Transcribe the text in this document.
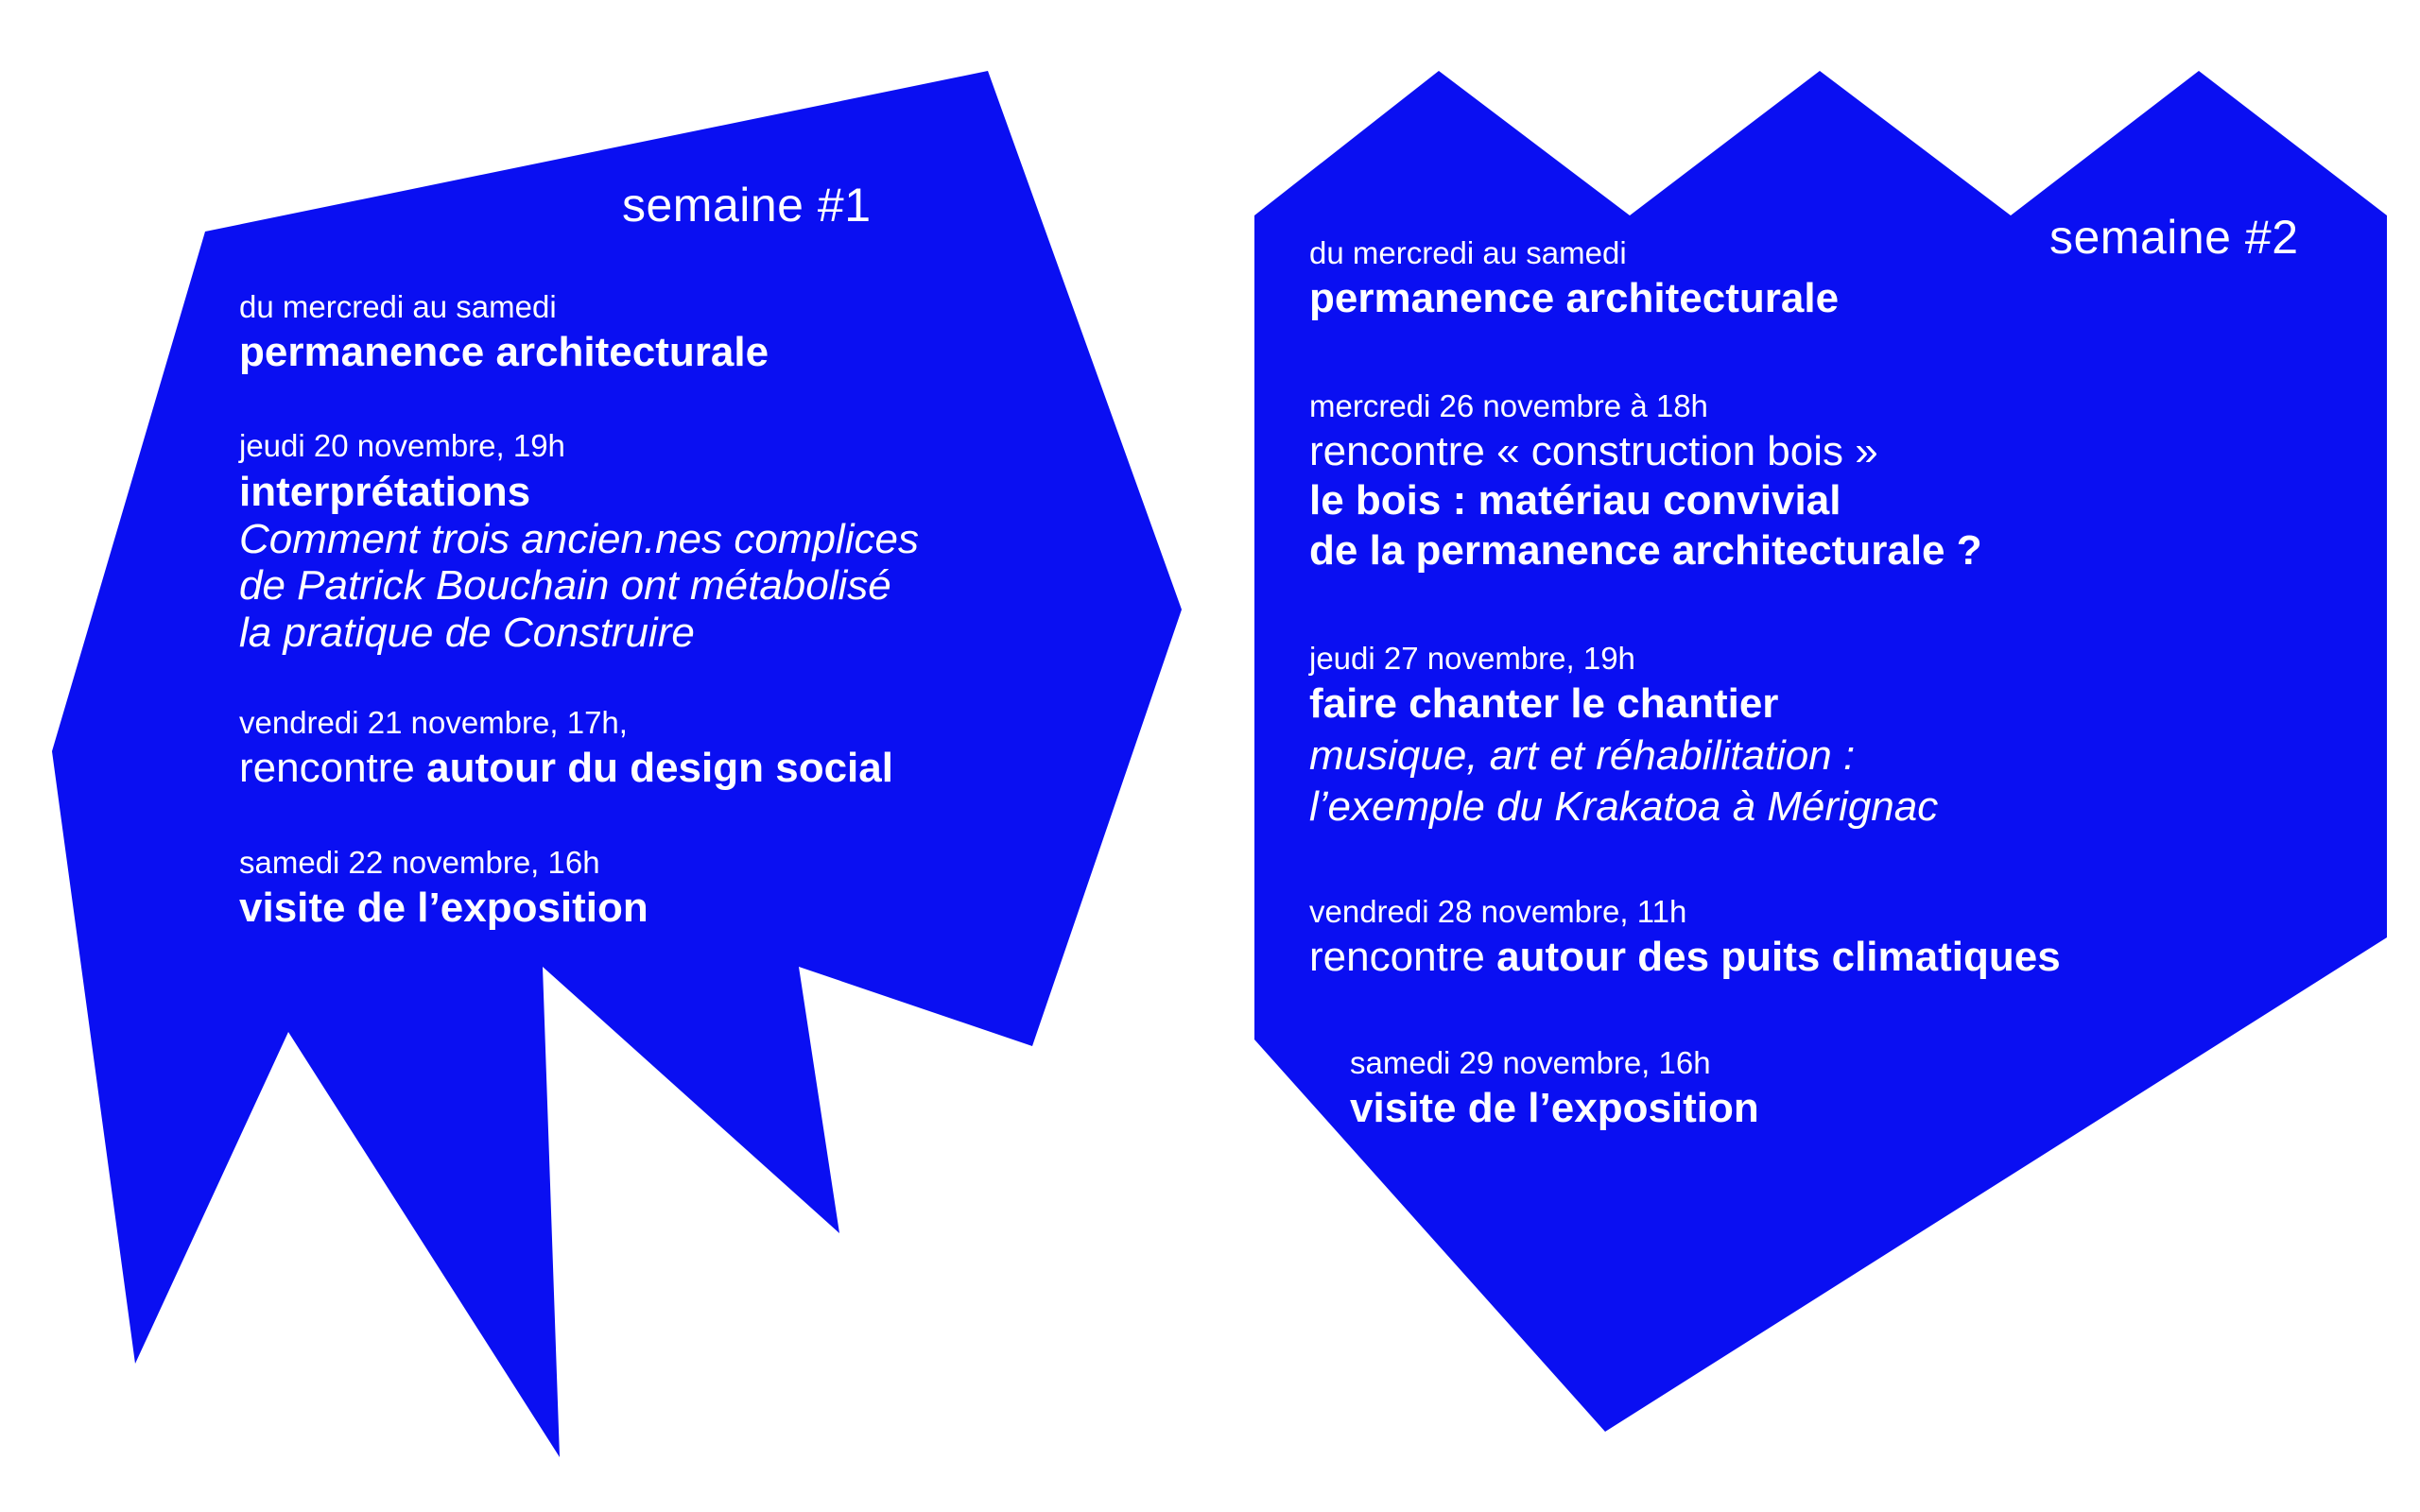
semaine #1
du mercredi au samedi
permanence architecturale
jeudi 20 novembre, 19h
interprétations
Comment trois ancien.nes complices
de Patrick Bouchain ont métabolisé
la pratique de Construire
vendredi 21 novembre, 17h,
rencontre autour du design social
samedi 22 novembre, 16h
visite de l’exposition
semaine #2
du mercredi au samedi
permanence architecturale
mercredi 26 novembre à 18h
rencontre « construction bois »
le bois : matériau convivial
de la permanence architecturale ?
jeudi 27 novembre, 19h
faire chanter le chantier
musique, art et réhabilitation :
l’exemple du Krakatoa à Mérignac
vendredi 28 novembre, 11h
rencontre autour des puits climatiques
samedi 29 novembre, 16h
visite de l’exposition
